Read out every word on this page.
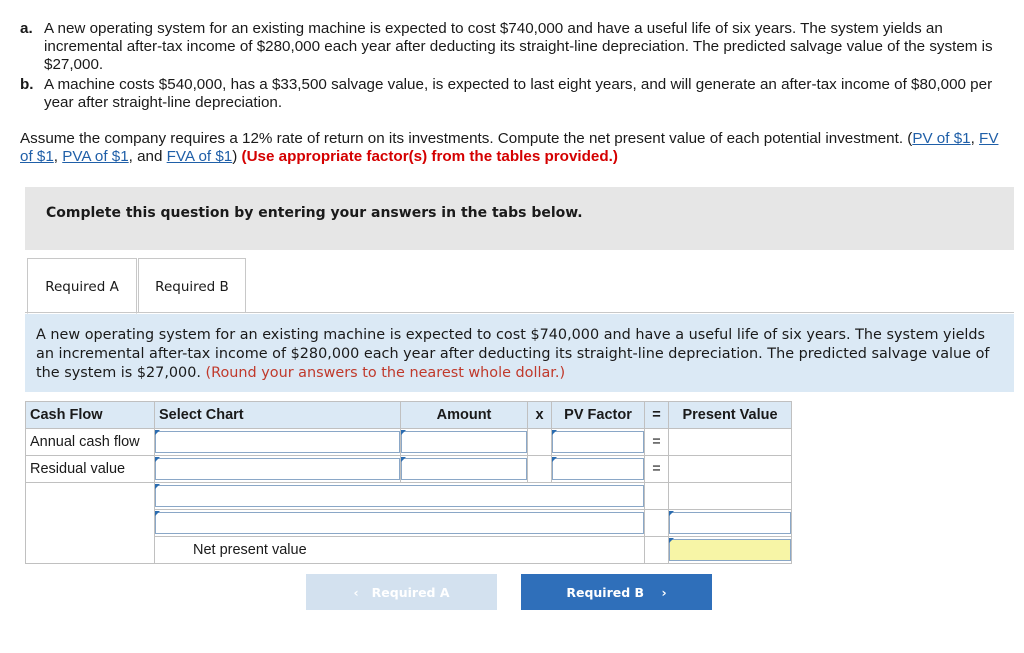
a. A new operating system for an existing machine is expected to cost $740,000 and have a useful life of six years. The system yields an incremental after-tax income of $280,000 each year after deducting its straight-line depreciation. The predicted salvage value of the system is $27,000.
b. A machine costs $540,000, has a $33,500 salvage value, is expected to last eight years, and will generate an after-tax income of $80,000 per year after straight-line depreciation.
Assume the company requires a 12% rate of return on its investments. Compute the net present value of each potential investment. (PV of $1, FV of $1, PVA of $1, and FVA of $1) (Use appropriate factor(s) from the tables provided.)
Complete this question by entering your answers in the tabs below.
Required A	Required B
A new operating system for an existing machine is expected to cost $740,000 and have a useful life of six years. The system yields an incremental after-tax income of $280,000 each year after deducting its straight-line depreciation. The predicted salvage value of the system is $27,000. (Round your answers to the nearest whole dollar.)
Cash Flow	Select Chart	Amount	x	PV Factor	=	Present Value
Annual cash flow					=	
Residual value					=	

	Net present value		
‹ Required A	Required B ›
